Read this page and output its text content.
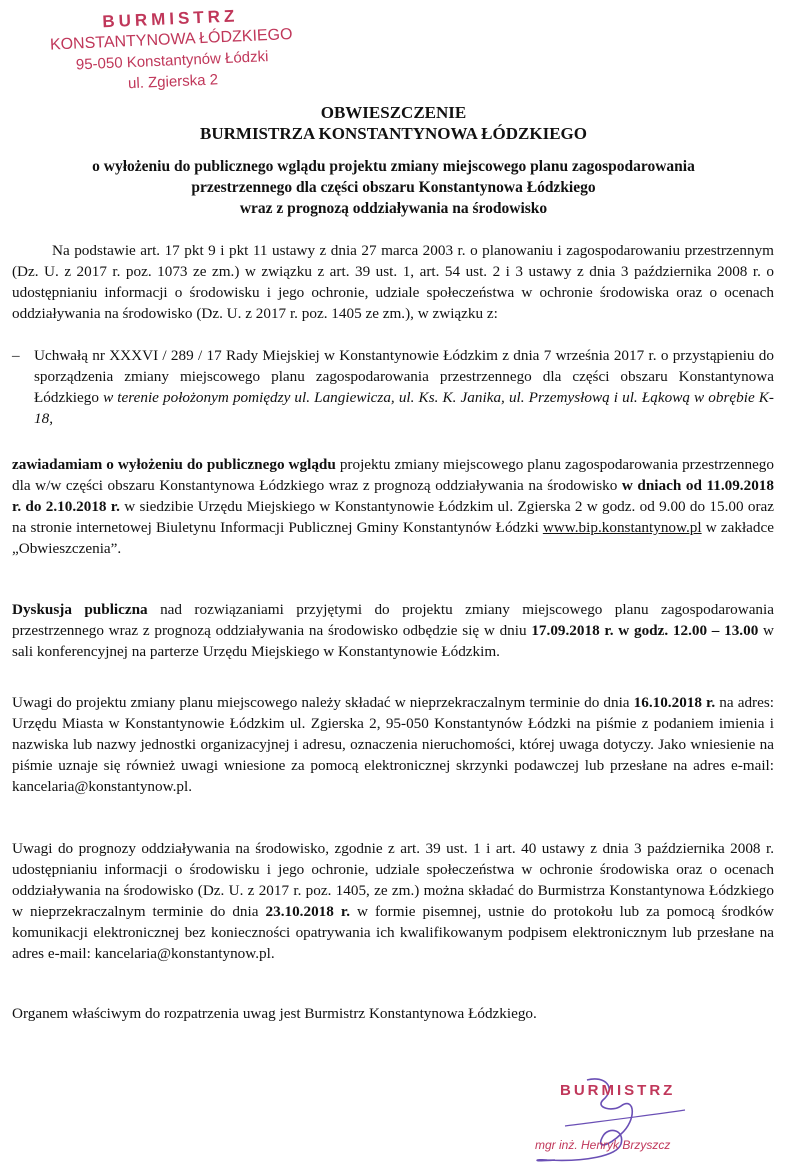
BURMISTRZ
KONSTANTYNOWA ŁÓDZKIEGO
95-050 Konstantynów Łódzki
ul. Zgierska 2
OBWIESZCZENIE
BURMISTRZA KONSTANTYNOWA ŁÓDZKIEGO
o wyłożeniu do publicznego wglądu projektu zmiany miejscowego planu zagospodarowania
przestrzennego dla części obszaru Konstantynowa Łódzkiego
wraz z prognozą oddziaływania na środowisko
Na podstawie art. 17 pkt 9 i pkt 11 ustawy z dnia 27 marca 2003 r. o planowaniu i zagospodarowaniu przestrzennym (Dz. U. z 2017 r. poz. 1073 ze zm.) w związku z art. 39 ust. 1, art. 54 ust. 2 i 3 ustawy z dnia 3 października 2008 r. o udostępnianiu informacji o środowisku i jego ochronie, udziale społeczeństwa w ochronie środowiska oraz o ocenach oddziaływania na środowisko (Dz. U. z 2017 r. poz. 1405 ze zm.), w związku z:
– Uchwałą nr XXXVI / 289 / 17 Rady Miejskiej w Konstantynowie Łódzkim z dnia 7 września 2017 r. o przystąpieniu do sporządzenia zmiany miejscowego planu zagospodarowania przestrzennego dla części obszaru Konstantynowa Łódzkiego w terenie położonym pomiędzy ul. Langiewicza, ul. Ks. K. Janika, ul. Przemysłową i ul. Łąkową w obrębie K-18,
zawiadamiam o wyłożeniu do publicznego wglądu projektu zmiany miejscowego planu zagospodarowania przestrzennego dla w/w części obszaru Konstantynowa Łódzkiego wraz z prognozą oddziaływania na środowisko w dniach od 11.09.2018 r. do 2.10.2018 r. w siedzibie Urzędu Miejskiego w Konstantynowie Łódzkim ul. Zgierska 2 w godz. od 9.00 do 15.00 oraz na stronie internetowej Biuletynu Informacji Publicznej Gminy Konstantynów Łódzki www.bip.konstantynow.pl w zakładce „Obwieszczenia”.
Dyskusja publiczna nad rozwiązaniami przyjętymi do projektu zmiany miejscowego planu zagospodarowania przestrzennego wraz z prognozą oddziaływania na środowisko odbędzie się w dniu 17.09.2018 r. w godz. 12.00 – 13.00 w sali konferencyjnej na parterze Urzędu Miejskiego w Konstantynowie Łódzkim.
Uwagi do projektu zmiany planu miejscowego należy składać w nieprzekraczalnym terminie do dnia 16.10.2018 r. na adres: Urzędu Miasta w Konstantynowie Łódzkim ul. Zgierska 2, 95-050 Konstantynów Łódzki na piśmie z podaniem imienia i nazwiska lub nazwy jednostki organizacyjnej i adresu, oznaczenia nieruchomości, której uwaga dotyczy. Jako wniesienie na piśmie uznaje się również uwagi wniesione za pomocą elektronicznej skrzynki podawczej lub przesłane na adres e-mail: kancelaria@konstantynow.pl.
Uwagi do prognozy oddziaływania na środowisko, zgodnie z art. 39 ust. 1 i art. 40 ustawy z dnia 3 października 2008 r. udostępnianiu informacji o środowisku i jego ochronie, udziale społeczeństwa w ochronie środowiska oraz o ocenach oddziaływania na środowisko (Dz. U. z 2017 r. poz. 1405, ze zm.) można składać do Burmistrza Konstantynowa Łódzkiego w nieprzekraczalnym terminie do dnia 23.10.2018 r. w formie pisemnej, ustnie do protokołu lub za pomocą środków komunikacji elektronicznej bez konieczności opatrywania ich kwalifikowanym podpisem elektronicznym lub przesłane na adres e-mail: kancelaria@konstantynow.pl.
Organem właściwym do rozpatrzenia uwag jest Burmistrz Konstantynowa Łódzkiego.
BURMISTRZ
mgr inż. Henryk Brzyszcz
